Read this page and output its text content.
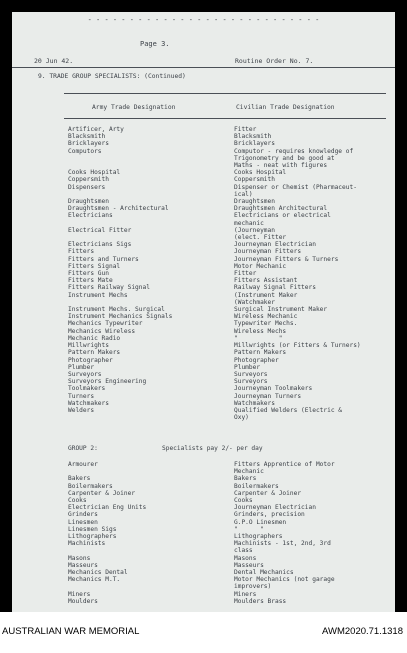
- - - - - - - - - - - - - - - - - - - - - - - - - - - -
Page 3.
20 Jun 42.	Routine Order No. 7.
9. TRADE GROUP SPECIALISTS: (Continued)
Army Trade Designation	Civilian Trade Designation
Artificer, Arty	Fitter
Blacksmith	Blacksmith
Bricklayers	Bricklayers
Computors	Computor - requires knowledge of
Trigonometry and be good at
Maths - neat with figures
Cooks Hospital	Cooks Hospital
Coppersmith	Coppersmith
Dispensers	Dispenser or Chemist (Pharmaceut-
ical)
Draughtsmen	Draughtsmen
Draughtsmen - Architectural	Draughtsmen Architectural
Electricians	Electricians or electrical
mechanic
Electrical Fitter	(Journeyman
(elect. Fitter
Electricians Sigs	Journeyman Electrician
Fitters	Journeyman Fitters
Fitters and Turners	Journeyman Fitters & Turners
Fitters Signal	Motor Mechanic
Fitters Gun	Fitter
Fitters Mate	Fitters Assistant
Fitters Railway Signal	Railway Signal Fitters
Instrument Mechs	(Instrument Maker
(Watchmaker
Instrument Mechs. Surgical	Surgical Instrument Maker
Instrument Mechanics Signals	Wireless Mechanic
Mechanics Typewriter	Typewriter Mechs.
Mechanics Wireless	Wireless Mechs
Mechanic Radio	"           "
Millwrights	Millwrights (or Fitters & Turners)
Pattern Makers	Pattern Makers
Photographer	Photographer
Plumber	Plumber
Surveyors	Surveyors
Surveyors Engineering	Surveyors
Toolmakers	Journeyman Toolmakers
Turners	Journeyman Turners
Watchmakers	Watchmakers
Welders	Qualified Welders (Electric &
Oxy)
GROUP 2:	Specialists pay 2/- per day
Armourer	Fitters Apprentice of Motor
Mechanic
Bakers	Bakers
Boilermakers	Boilermakers
Carpenter & Joiner	Carpenter & Joiner
Cooks	Cooks
Electrician Eng Units	Journeyman Electrician
Grinders	Grinders, precision
Linesmen	G.P.O Linesmen
Linesmen Sigs	"      "
Lithographers	Lithographers
Machinists	Machinists - 1st, 2nd, 3rd
class
Masons	Masons
Masseurs	Masseurs
Mechanics Dental	Dental Mechanics
Mechanics M.T.	Motor Mechanics (not garage
improvers)
Miners	Miners
Moulders	Moulders Brass
AUSTRALIAN WAR MEMORIAL	AWM2020.71.1318
